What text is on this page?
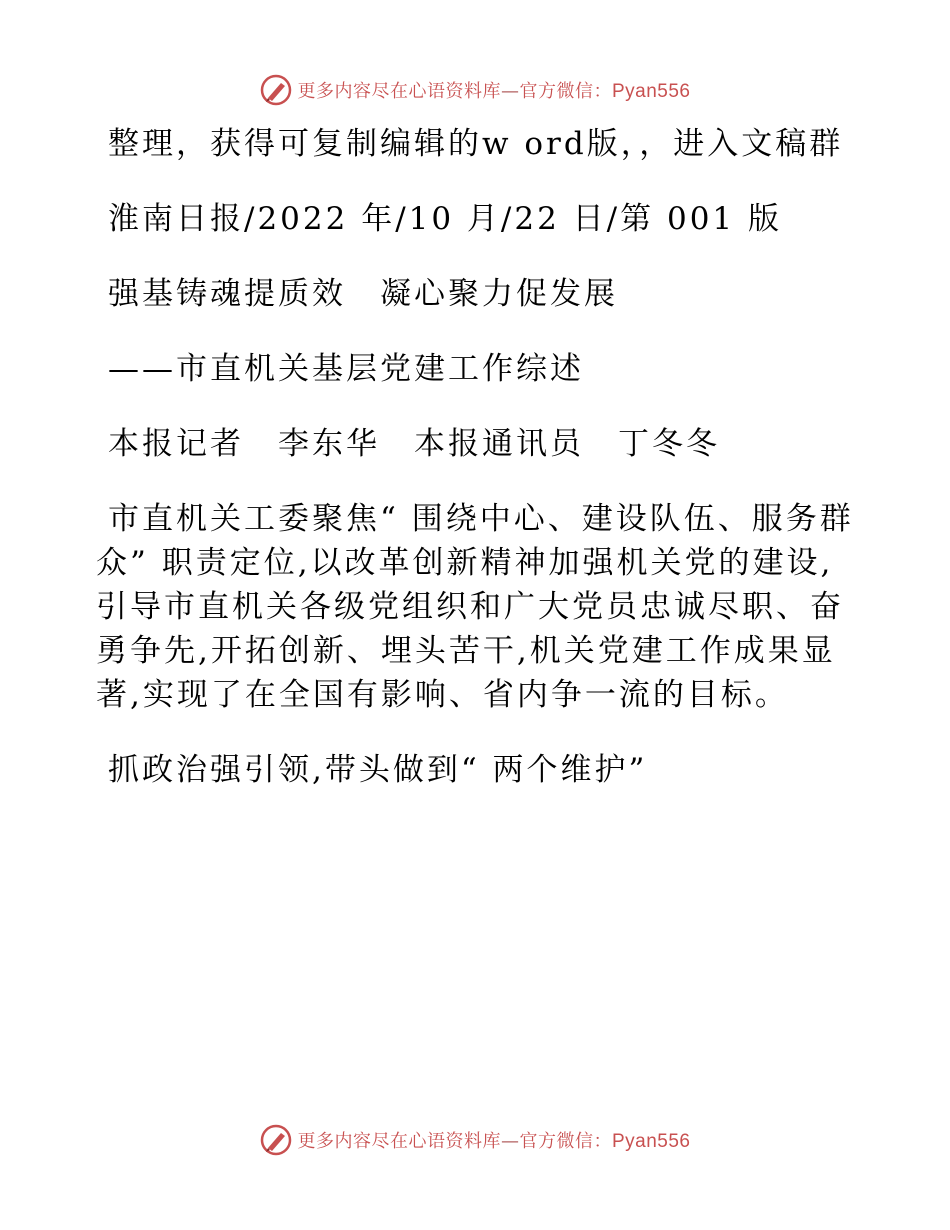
更多内容尽在心语资料库—官方微信：Pyan556

整理，获得可复制编辑的w ord版，，进入文稿群

淮南日报/2022 年/10 月/22 日/第 001 版

强基铸魂提质效　凝心聚力促发展

——市直机关基层党建工作综述

本报记者　李东华　本报通讯员　丁冬冬

市直机关工委聚焦“ 围绕中心、建设队伍、服务群众” 职责定位,以改革创新精神加强机关党的建设,引导市直机关各级党组织和广大党员忠诚尽职、奋勇争先,开拓创新、埋头苦干,机关党建工作成果显著,实现了在全国有影响、省内争一流的目标。

抓政治强引领,带头做到“ 两个维护”

更多内容尽在心语资料库—官方微信：Pyan556
